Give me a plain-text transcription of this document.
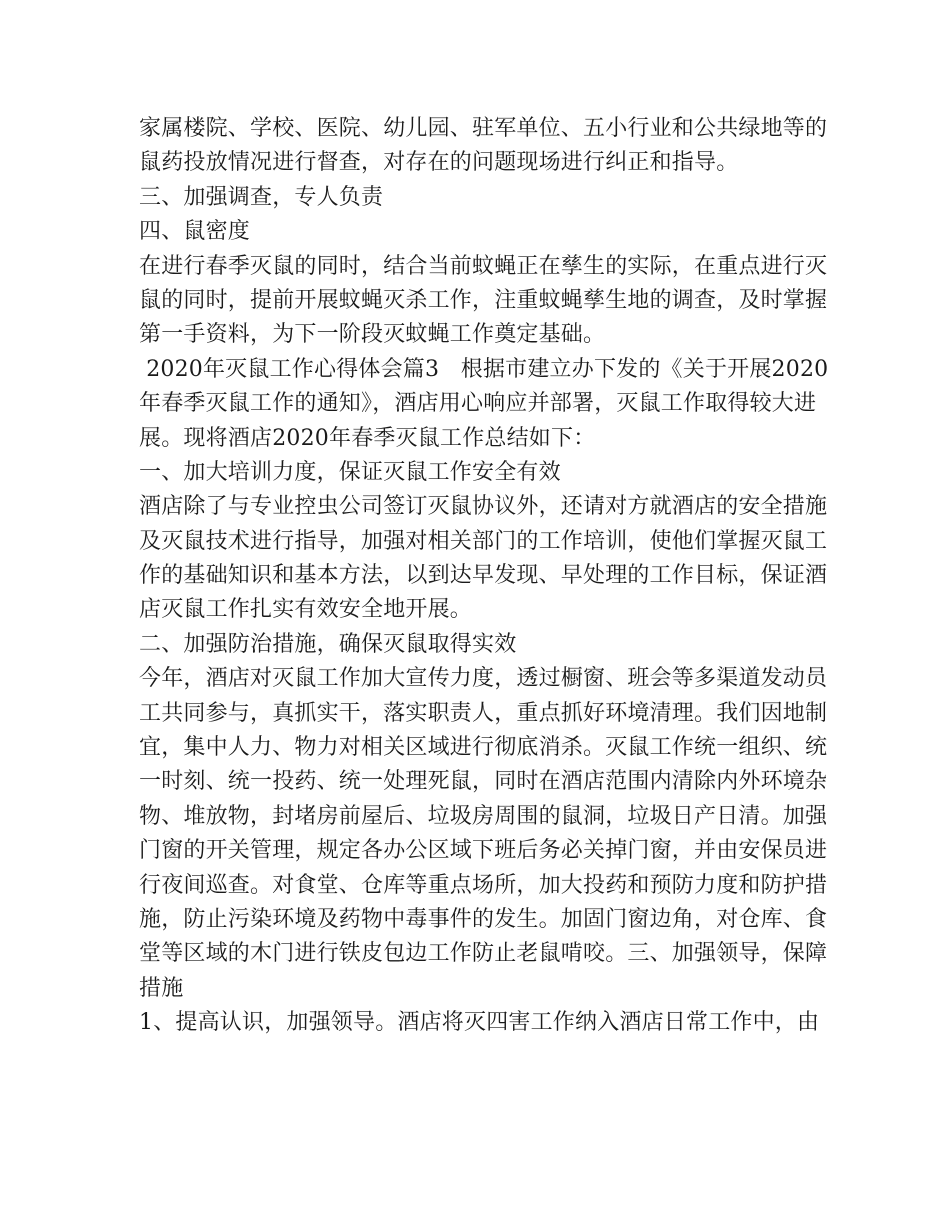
家属楼院、学校、医院、幼儿园、驻军单位、五小行业和公共绿地等的
鼠药投放情况进行督查，对存在的问题现场进行纠正和指导。
三、加强调查，专人负责
四、鼠密度
在进行春季灭鼠的同时，结合当前蚊蝇正在孳生的实际，在重点进行灭
鼠的同时，提前开展蚊蝇灭杀工作，注重蚊蝇孳生地的调查，及时掌握
第一手资料，为下一阶段灭蚊蝇工作奠定基础。
2020年灭鼠工作心得体会篇3   根据市建立办下发的《关于开展2020
年春季灭鼠工作的通知》，酒店用心响应并部署，灭鼠工作取得较大进
展。现将酒店2020年春季灭鼠工作总结如下：
一、加大培训力度，保证灭鼠工作安全有效
酒店除了与专业控虫公司签订灭鼠协议外，还请对方就酒店的安全措施
及灭鼠技术进行指导，加强对相关部门的工作培训，使他们掌握灭鼠工
作的基础知识和基本方法，以到达早发现、早处理的工作目标，保证酒
店灭鼠工作扎实有效安全地开展。
二、加强防治措施，确保灭鼠取得实效
今年，酒店对灭鼠工作加大宣传力度，透过橱窗、班会等多渠道发动员
工共同参与，真抓实干，落实职责人，重点抓好环境清理。我们因地制
宜，集中人力、物力对相关区域进行彻底消杀。灭鼠工作统一组织、统
一时刻、统一投药、统一处理死鼠，同时在酒店范围内清除内外环境杂
物、堆放物，封堵房前屋后、垃圾房周围的鼠洞，垃圾日产日清。加强
门窗的开关管理，规定各办公区域下班后务必关掉门窗，并由安保员进
行夜间巡查。对食堂、仓库等重点场所，加大投药和预防力度和防护措
施，防止污染环境及药物中毒事件的发生。加固门窗边角，对仓库、食
堂等区域的木门进行铁皮包边工作防止老鼠啃咬。三、加强领导，保障
措施
1、提高认识，加强领导。酒店将灭四害工作纳入酒店日常工作中，由
